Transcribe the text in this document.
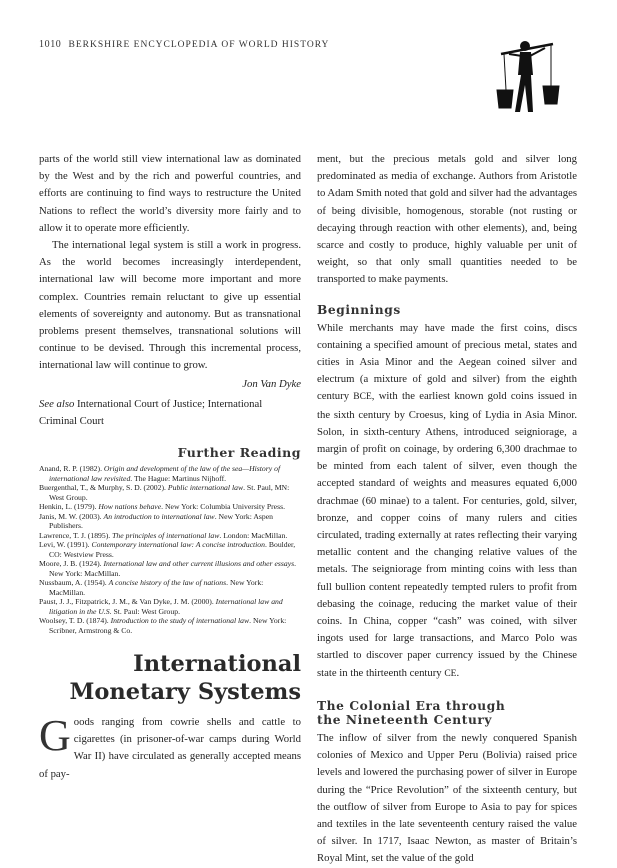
1010 BERKSHIRE ENCYCLOPEDIA OF WORLD HISTORY

parts of the world still view international law as dominated by the West and by the rich and powerful countries, and efforts are continuing to find ways to restructure the United Nations to reflect the world’s diversity more fairly and to allow it to operate more efficiently.

The international legal system is still a work in progress. As the world becomes increasingly interdependent, international law will become more important and more complex. Countries remain reluctant to give up essential elements of sovereignty and autonomy. But as transnational problems present themselves, transnational solutions will continue to be devised. Through this incremental process, international law will continue to grow.

Jon Van Dyke

See also International Court of Justice; International Criminal Court

Further Reading
Anand, R. P. (1982). Origin and development of the law of the sea—History of international law revisited. The Hague: Martinus Nijhoff.
Buergenthal, T., & Murphy, S. D. (2002). Public international law. St. Paul, MN: West Group.
Henkin, L. (1979). How nations behave. New York: Columbia University Press.
Janis, M. W. (2003). An introduction to international law. New York: Aspen Publishers.
Lawrence, T. J. (1895). The principles of international law. London: MacMillan.
Levi, W. (1991). Contemporary international law: A concise introduction. Boulder, CO: Westview Press.
Moore, J. B. (1924). International law and other current illusions and other essays. New York: MacMillan.
Nussbaum, A. (1954). A concise history of the law of nations. New York: MacMillan.
Paust, J. J., Fitzpatrick, J. M., & Van Dyke, J. M. (2000). International law and litigation in the U.S. St. Paul: West Group.
Woolsey, T. D. (1874). Introduction to the study of international law. New York: Scribner, Armstrong & Co.
International
Monetary Systems

Goods ranging from cowrie shells and cattle to cigarettes (in prisoner-of-war camps during World War II) have circulated as generally accepted means of pay-

ment, but the precious metals gold and silver long predominated as media of exchange. Authors from Aristotle to Adam Smith noted that gold and silver had the advantages of being divisible, homogenous, storable (not rusting or decaying through reaction with other elements), and, being scarce and costly to produce, highly valuable per unit of weight, so that only small quantities needed to be transported to make payments.

Beginnings

While merchants may have made the first coins, discs containing a specified amount of precious metal, states and cities in Asia Minor and the Aegean coined silver and electrum (a mixture of gold and silver) from the eighth century BCE, with the earliest known gold coins issued in the sixth century by Croesus, king of Lydia in Asia Minor. Solon, in sixth-century Athens, introduced seigniorage, a margin of profit on coinage, by ordering 6,300 drachmae to be minted from each talent of silver, even though the accepted standard of weights and measures equated 6,000 drachmae (60 minae) to a talent. For centuries, gold, silver, bronze, and copper coins of many rulers and cities circulated, trading externally at rates reflecting their varying metallic content and the changing relative values of the metals. The seigniorage from minting coins with less than full bullion content repeatedly tempted rulers to profit from debasing the coinage, reducing the market value of their coins. In China, copper “cash” was coined, with silver ingots used for large transactions, and Marco Polo was startled to discover paper currency issued by the Chinese state in the thirteenth century CE.

The Colonial Era through
the Nineteenth Century

The inflow of silver from the newly conquered Spanish colonies of Mexico and Upper Peru (Bolivia) raised price levels and lowered the purchasing power of silver in Europe during the “Price Revolution” of the sixteenth century, but the outflow of silver from Europe to Asia to pay for spices and textiles in the late seventeenth century raised the value of silver. In 1717, Isaac Newton, as master of Britain’s Royal Mint, set the value of the gold
